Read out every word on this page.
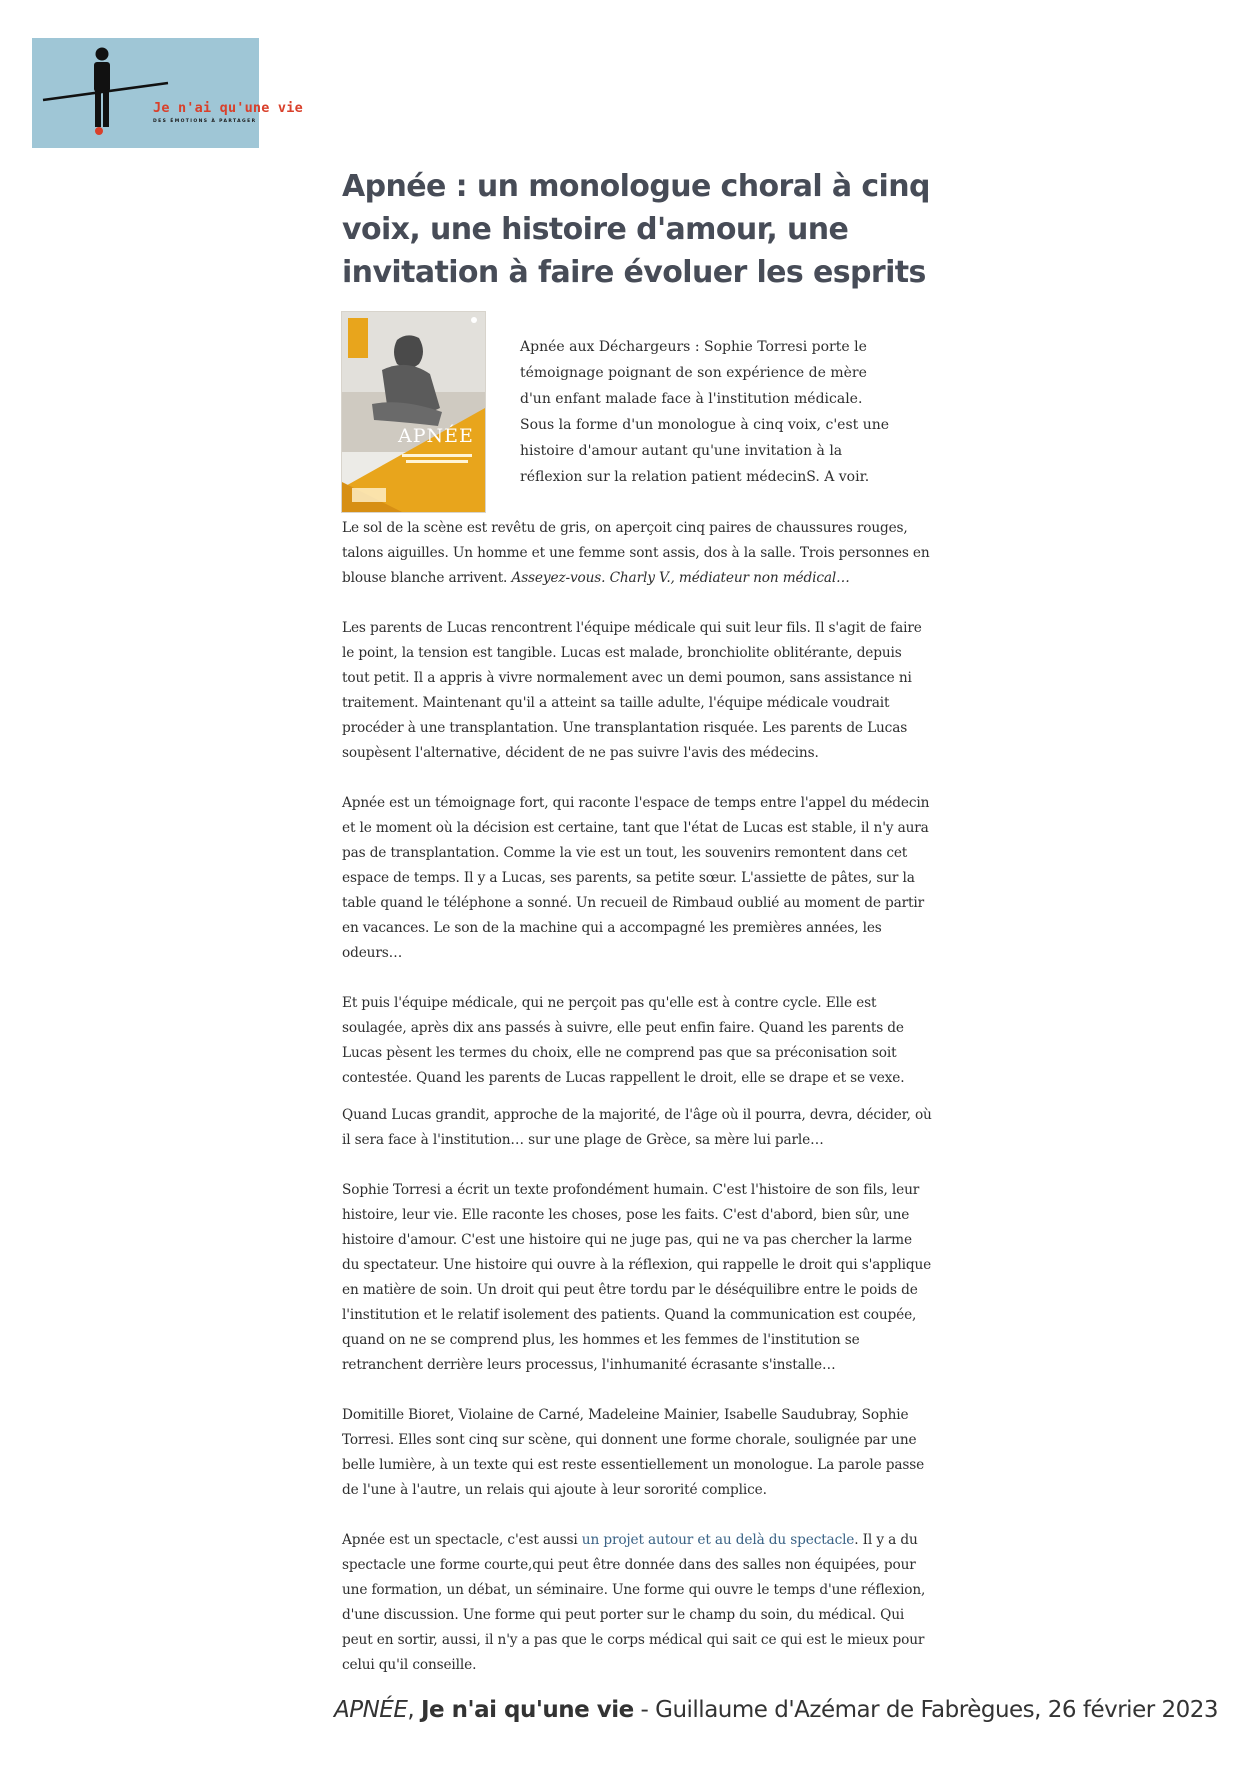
Je n'ai qu'une vie
DES ÉMOTIONS À PARTAGER
Apnée : un monologue choral à cinq voix, une histoire d'amour, une invitation à faire évoluer les esprits
APNÉE
Apnée aux Déchargeurs : Sophie Torresi porte le témoignage poignant de son expérience de mère d'un enfant malade face à l'institution médicale. Sous la forme d'un monologue à cinq voix, c'est une histoire d'amour autant qu'une invitation à la réflexion sur la relation patient médecinS. A voir.

Le sol de la scène est revêtu de gris, on aperçoit cinq paires de chaussures rouges, talons aiguilles. Un homme et une femme sont assis, dos à la salle. Trois personnes en blouse blanche arrivent. Asseyez-vous. Charly V., médiateur non médical…

Les parents de Lucas rencontrent l'équipe médicale qui suit leur fils. Il s'agit de faire le point, la tension est tangible. Lucas est malade, bronchiolite oblitérante, depuis tout petit. Il a appris à vivre normalement avec un demi poumon, sans assistance ni traitement. Maintenant qu'il a atteint sa taille adulte, l'équipe médicale voudrait procéder à une transplantation. Une transplantation risquée. Les parents de Lucas soupèsent l'alternative, décident de ne pas suivre l'avis des médecins.

Apnée est un témoignage fort, qui raconte l'espace de temps entre l'appel du médecin et le moment où la décision est certaine, tant que l'état de Lucas est stable, il n'y aura pas de transplantation. Comme la vie est un tout, les souvenirs remontent dans cet espace de temps. Il y a Lucas, ses parents, sa petite sœur. L'assiette de pâtes, sur la table quand le téléphone a sonné. Un recueil de Rimbaud oublié au moment de partir en vacances. Le son de la machine qui a accompagné les premières années, les odeurs…

Et puis l'équipe médicale, qui ne perçoit pas qu'elle est à contre cycle. Elle est soulagée, après dix ans passés à suivre, elle peut enfin faire. Quand les parents de Lucas pèsent les termes du choix, elle ne comprend pas que sa préconisation soit contestée. Quand les parents de Lucas rappellent le droit, elle se drape et se vexe.

Quand Lucas grandit, approche de la majorité, de l'âge où il pourra, devra, décider, où il sera face à l'institution… sur une plage de Grèce, sa mère lui parle…

Sophie Torresi a écrit un texte profondément humain. C'est l'histoire de son fils, leur histoire, leur vie. Elle raconte les choses, pose les faits. C'est d'abord, bien sûr, une histoire d'amour. C'est une histoire qui ne juge pas, qui ne va pas chercher la larme du spectateur. Une histoire qui ouvre à la réflexion, qui rappelle le droit qui s'applique en matière de soin. Un droit qui peut être tordu par le déséquilibre entre le poids de l'institution et le relatif isolement des patients. Quand la communication est coupée, quand on ne se comprend plus, les hommes et les femmes de l'institution se retranchent derrière leurs processus, l'inhumanité écrasante s'installe…

Domitille Bioret, Violaine de Carné, Madeleine Mainier, Isabelle Saudubray, Sophie Torresi. Elles sont cinq sur scène, qui donnent une forme chorale, soulignée par une belle lumière, à un texte qui est reste essentiellement un monologue. La parole passe de l'une à l'autre, un relais qui ajoute à leur sororité complice.

Apnée est un spectacle, c'est aussi un projet autour et au delà du spectacle. Il y a du spectacle une forme courte,qui peut être donnée dans des salles non équipées, pour une formation, un débat, un séminaire. Une forme qui ouvre le temps d'une réflexion, d'une discussion. Une forme qui peut porter sur le champ du soin, du médical. Qui peut en sortir, aussi, il n'y a pas que le corps médical qui sait ce qui est le mieux pour celui qu'il conseille.

APNÉE, Je n'ai qu'une vie - Guillaume d'Azémar de Fabrègues, 26 février 2023
